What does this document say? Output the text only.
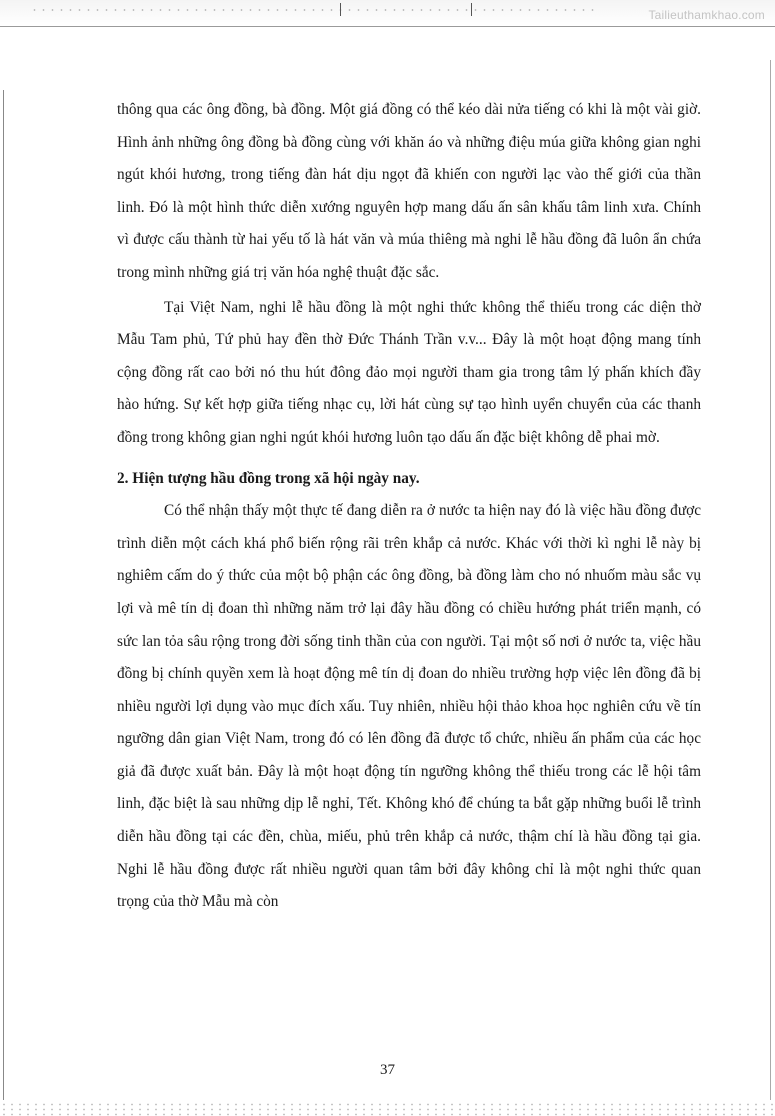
Tailieuthamkhao.com

thông qua các ông đồng, bà đồng. Một giá đồng có thể kéo dài nửa tiếng có khi là một vài giờ. Hình ảnh những ông đồng bà đồng cùng với khăn áo và những điệu múa giữa không gian nghi ngút khói hương, trong tiếng đàn hát dịu ngọt đã khiến con người lạc vào thế giới của thần linh. Đó là một hình thức diễn xướng nguyên hợp mang dấu ấn sân khấu tâm linh xưa. Chính vì được cấu thành từ hai yếu tố là hát văn và múa thiêng mà nghi lễ hầu đồng đã luôn ẩn chứa trong mình những giá trị văn hóa nghệ thuật đặc sắc.

Tại Việt Nam, nghi lễ hầu đồng là một nghi thức không thể thiếu trong các diện thờ Mẫu Tam phủ, Tứ phủ hay đền thờ Đức Thánh Trần v.v... Đây là một hoạt động mang tính cộng đồng rất cao bởi nó thu hút đông đảo mọi người tham gia trong tâm lý phấn khích đầy hào hứng. Sự kết hợp giữa tiếng nhạc cụ, lời hát cùng sự tạo hình uyển chuyển của các thanh đồng trong không gian nghi ngút khói hương luôn tạo dấu ấn đặc biệt không dễ phai mờ.

2. Hiện tượng hầu đồng trong xã hội ngày nay.

Có thể nhận thấy một thực tế đang diễn ra ở nước ta hiện nay đó là việc hầu đồng được trình diễn một cách khá phổ biến rộng rãi trên khắp cả nước. Khác với thời kì nghi lễ này bị nghiêm cấm do ý thức của một bộ phận các ông đồng, bà đồng làm cho nó nhuốm màu sắc vụ lợi và mê tín dị đoan thì những năm trở lại đây hầu đồng có chiều hướng phát triển mạnh, có sức lan tỏa sâu rộng trong đời sống tinh thần của con người. Tại một số nơi ở nước ta, việc hầu đồng bị chính quyền xem là hoạt động mê tín dị đoan do nhiều trường hợp việc lên đồng đã bị nhiều người lợi dụng vào mục đích xấu. Tuy nhiên, nhiều hội thảo khoa học nghiên cứu về tín ngưỡng dân gian Việt Nam, trong đó có lên đồng đã được tổ chức, nhiều ấn phẩm của các học giả đã được xuất bản. Đây là một hoạt động tín ngưỡng không thể thiếu trong các lễ hội tâm linh, đặc biệt là sau những dịp lễ nghỉ, Tết. Không khó để chúng ta bắt gặp những buổi lễ trình diễn hầu đồng tại các đền, chùa, miếu, phủ trên khắp cả nước, thậm chí là hầu đồng tại gia. Nghi lễ hầu đồng được rất nhiều người quan tâm bởi đây không chỉ là một nghi thức quan trọng của thờ Mẫu mà còn

37
